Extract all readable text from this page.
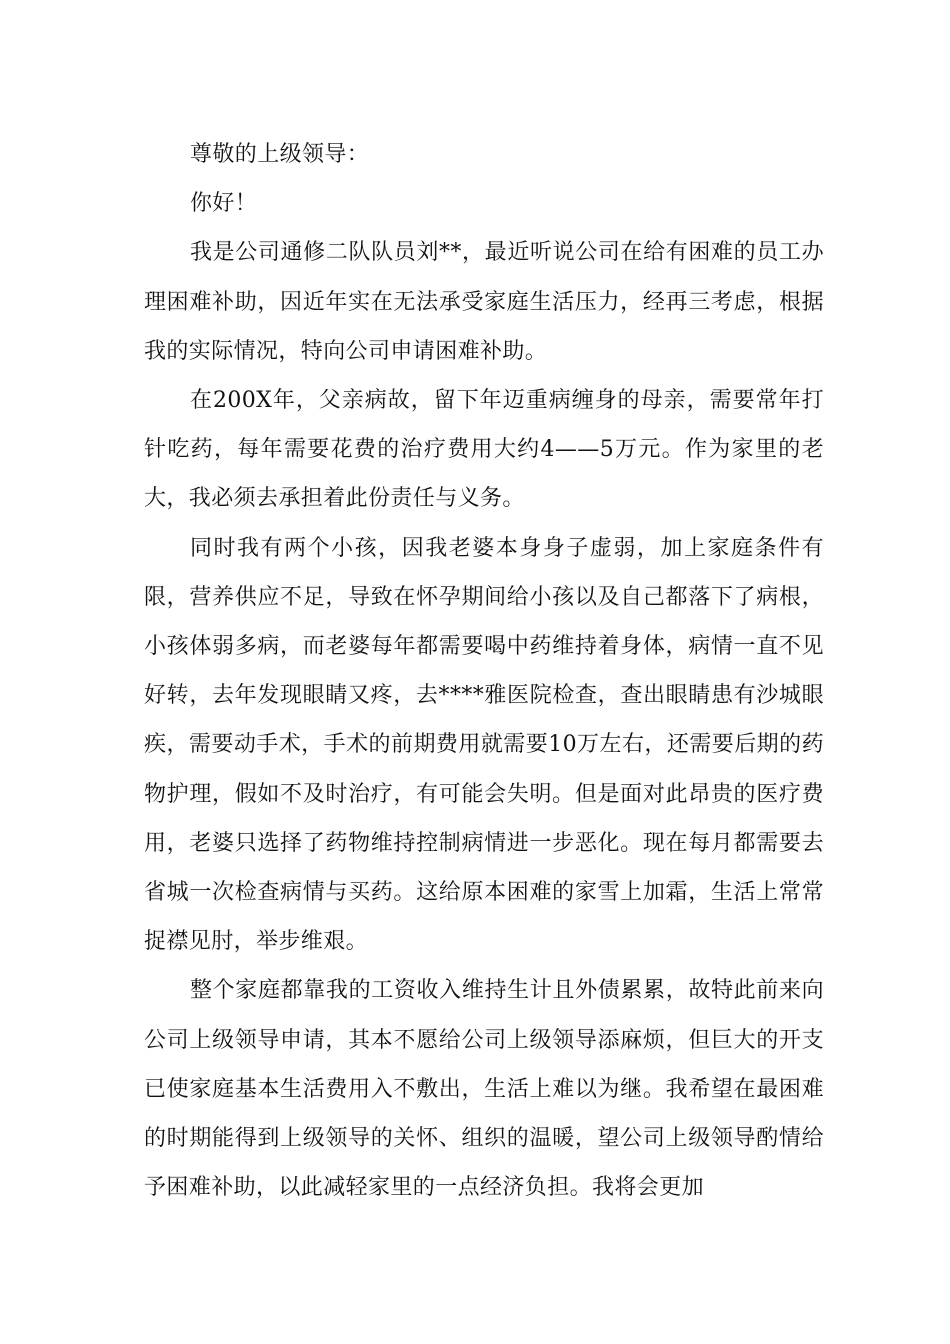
尊敬的上级领导：

你好！

我是公司通修二队队员刘**，最近听说公司在给有困难的员工办理困难补助，因近年实在无法承受家庭生活压力，经再三考虑，根据我的实际情况，特向公司申请困难补助。

在200X年，父亲病故，留下年迈重病缠身的母亲，需要常年打针吃药，每年需要花费的治疗费用大约4——5万元。作为家里的老大，我必须去承担着此份责任与义务。

同时我有两个小孩，因我老婆本身身子虚弱，加上家庭条件有限，营养供应不足，导致在怀孕期间给小孩以及自己都落下了病根，小孩体弱多病，而老婆每年都需要喝中药维持着身体，病情一直不见好转，去年发现眼睛又疼，去****雅医院检查，查出眼睛患有沙城眼疾，需要动手术，手术的前期费用就需要10万左右，还需要后期的药物护理，假如不及时治疗，有可能会失明。但是面对此昂贵的医疗费用，老婆只选择了药物维持控制病情进一步恶化。现在每月都需要去省城一次检查病情与买药。这给原本困难的家雪上加霜，生活上常常捉襟见肘，举步维艰。

整个家庭都靠我的工资收入维持生计且外债累累，故特此前来向公司上级领导申请，其本不愿给公司上级领导添麻烦，但巨大的开支已使家庭基本生活费用入不敷出，生活上难以为继。我希望在最困难的时期能得到上级领导的关怀、组织的温暖，望公司上级领导酌情给予困难补助，以此减轻家里的一点经济负担。我将会更加
